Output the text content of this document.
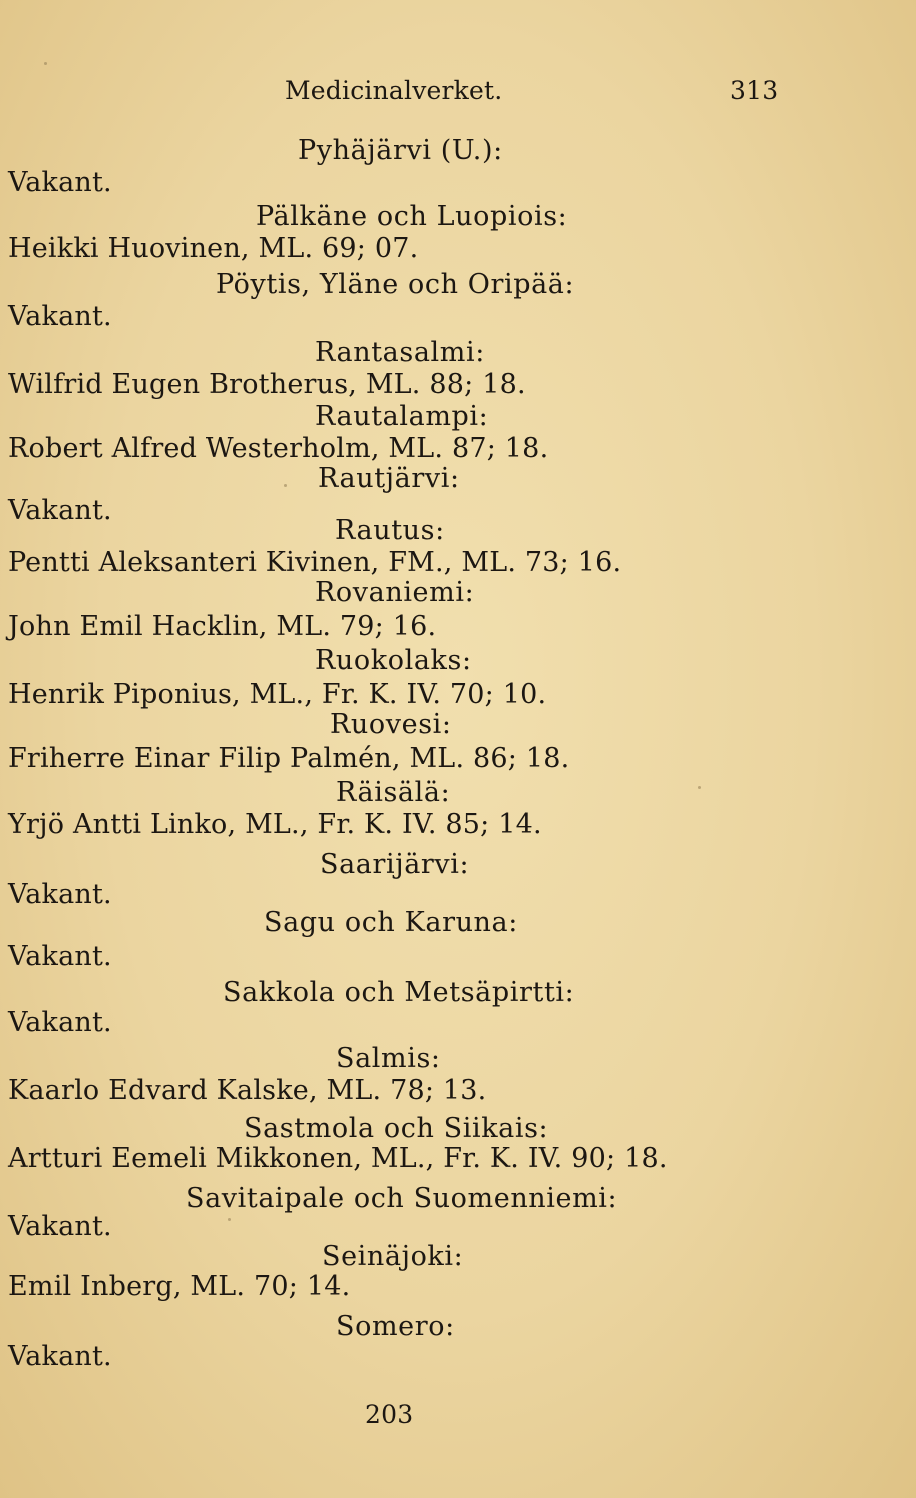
Medicinalverket.	313
Pyhäjärvi (U.):
Vakant.
Pälkäne och Luopiois:
Heikki Huovinen, ML. 69; 07.
Pöytis, Yläne och Oripää:
Vakant.
Rantasalmi:
Wilfrid Eugen Brotherus, ML. 88; 18.
Rautalampi:
Robert Alfred Westerholm, ML. 87; 18.
Rautjärvi:
Vakant.
Rautus:
Pentti Aleksanteri Kivinen, FM., ML. 73; 16.
Rovaniemi:
John Emil Hacklin, ML. 79; 16.
Ruokolaks:
Henrik Piponius, ML., Fr. K. IV. 70; 10.
Ruovesi:
Friherre Einar Filip Palmén, ML. 86; 18.
Räisälä:
Yrjö Antti Linko, ML., Fr. K. IV. 85; 14.
Saarijärvi:
Vakant.
Sagu och Karuna:
Vakant.
Sakkola och Metsäpirtti:
Vakant.
Salmis:
Kaarlo Edvard Kalske, ML. 78; 13.
Sastmola och Siikais:
Artturi Eemeli Mikkonen, ML., Fr. K. IV. 90; 18.
Savitaipale och Suomenniemi:
Vakant.
Seinäjoki:
Emil Inberg, ML. 70; 14.
Somero:
Vakant.
203
